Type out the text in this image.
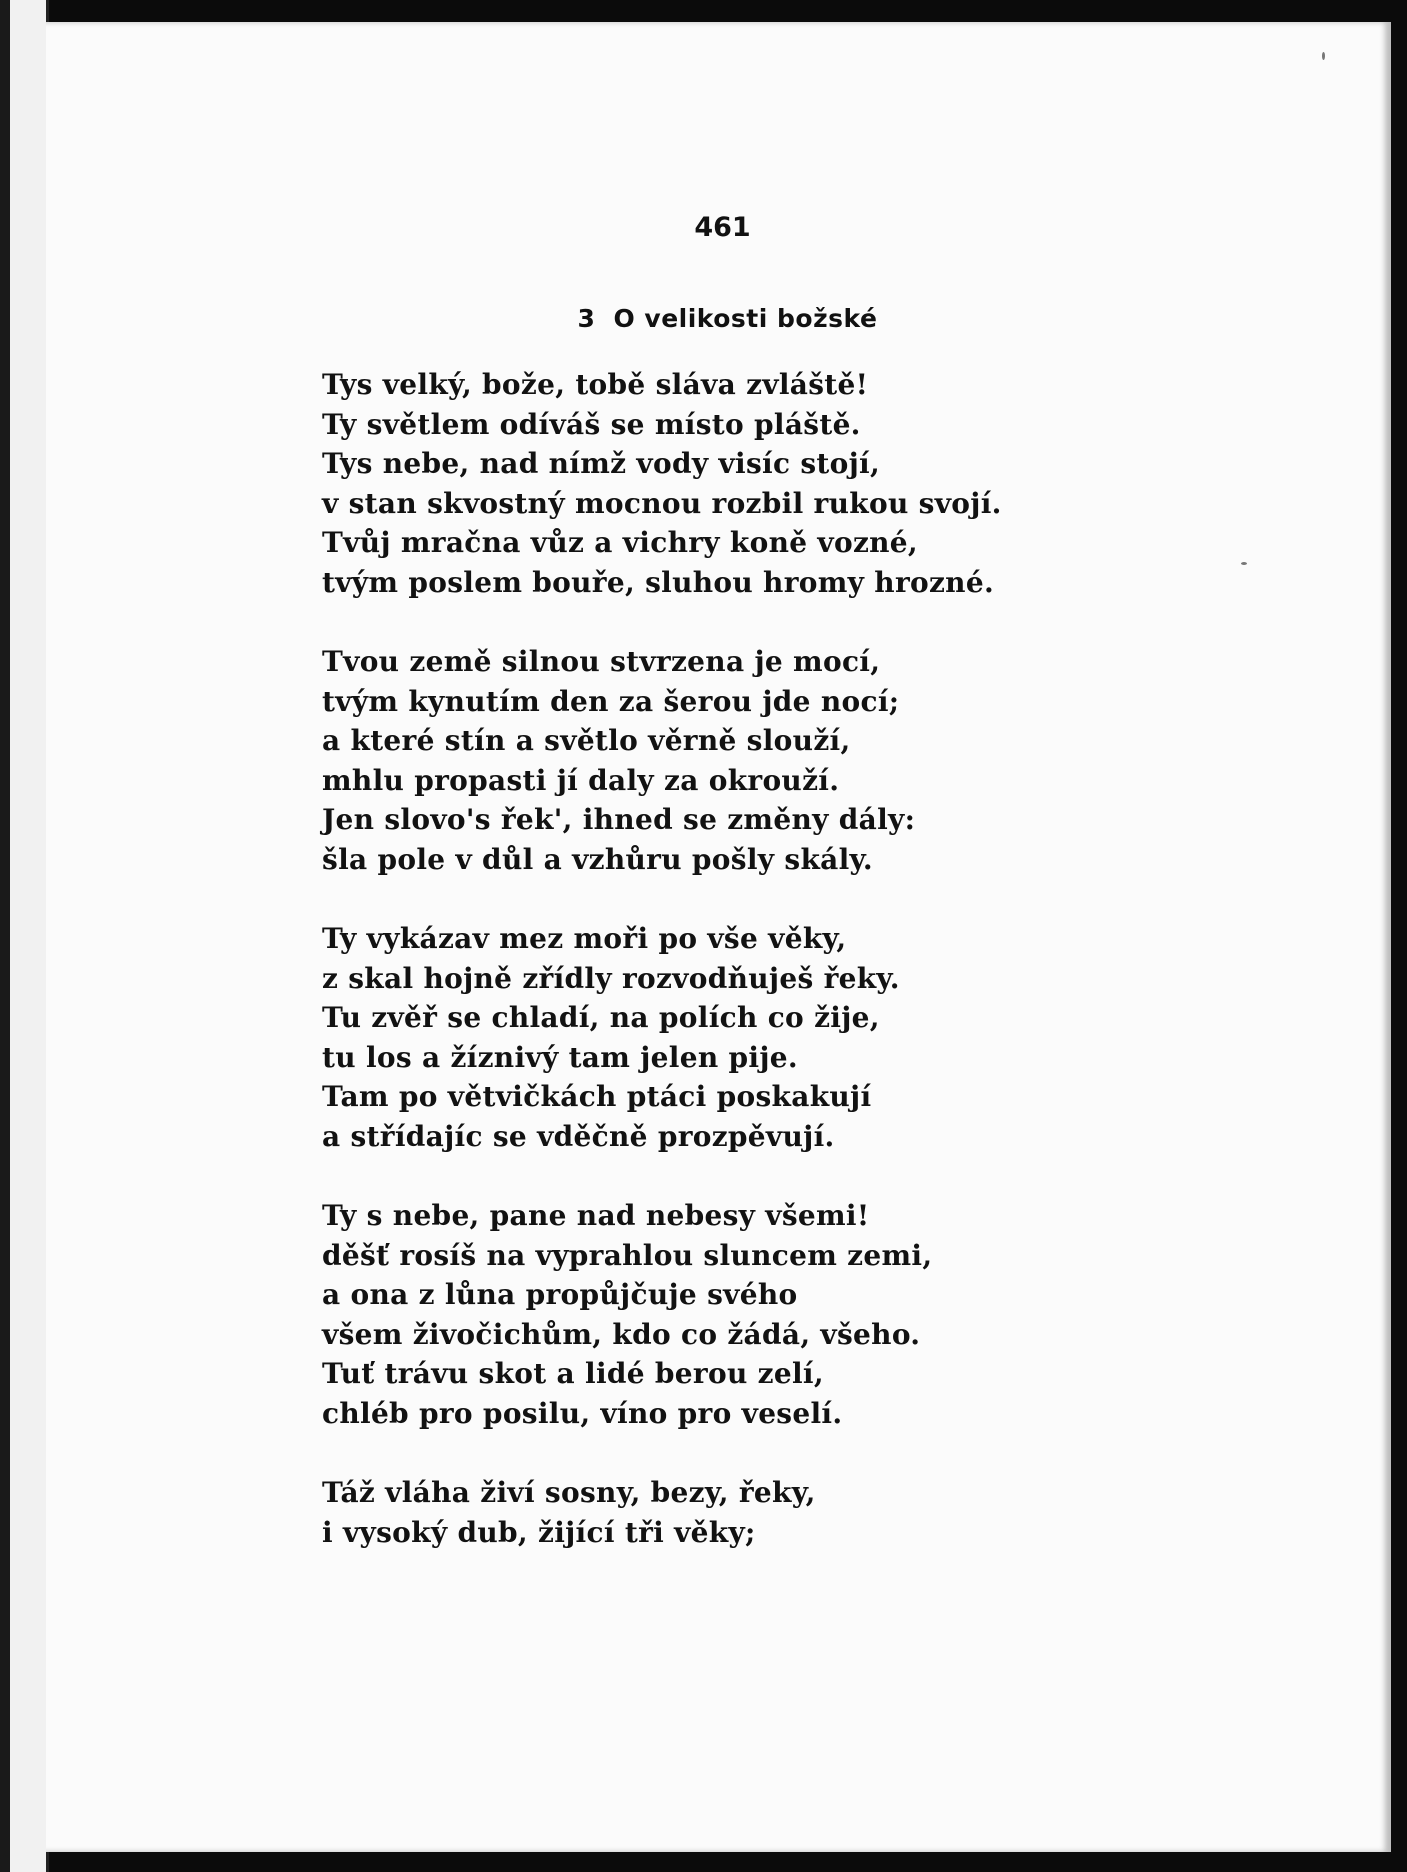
461
3 O velikosti božské
Tys velký, bože, tobě sláva zvláště!
Ty světlem odíváš se místo pláště.
Tys nebe, nad nímž vody visíc stojí,
v stan skvostný mocnou rozbil rukou svojí.
Tvůj mračna vůz a vichry koně vozné,
tvým poslem bouře, sluhou hromy hrozné.
Tvou země silnou stvrzena je mocí,
tvým kynutím den za šerou jde nocí;
a které stín a světlo věrně slouží,
mhlu propasti jí daly za okrouží.
Jen slovo's řek', ihned se změny dály:
šla pole v důl a vzhůru pošly skály.
Ty vykázav mez moři po vše věky,
z skal hojně zřídly rozvodňuješ řeky.
Tu zvěř se chladí, na polích co žije,
tu los a žíznivý tam jelen pije.
Tam po větvičkách ptáci poskakují
a střídajíc se vděčně prozpěvují.
Ty s nebe, pane nad nebesy všemi!
děšť rosíš na vyprahlou sluncem zemi,
a ona z lůna propůjčuje svého
všem živočichům, kdo co žádá, všeho.
Tuť trávu skot a lidé berou zelí,
chléb pro posilu, víno pro veselí.
Táž vláha živí sosny, bezy, řeky,
i vysoký dub, žijící tři věky;
